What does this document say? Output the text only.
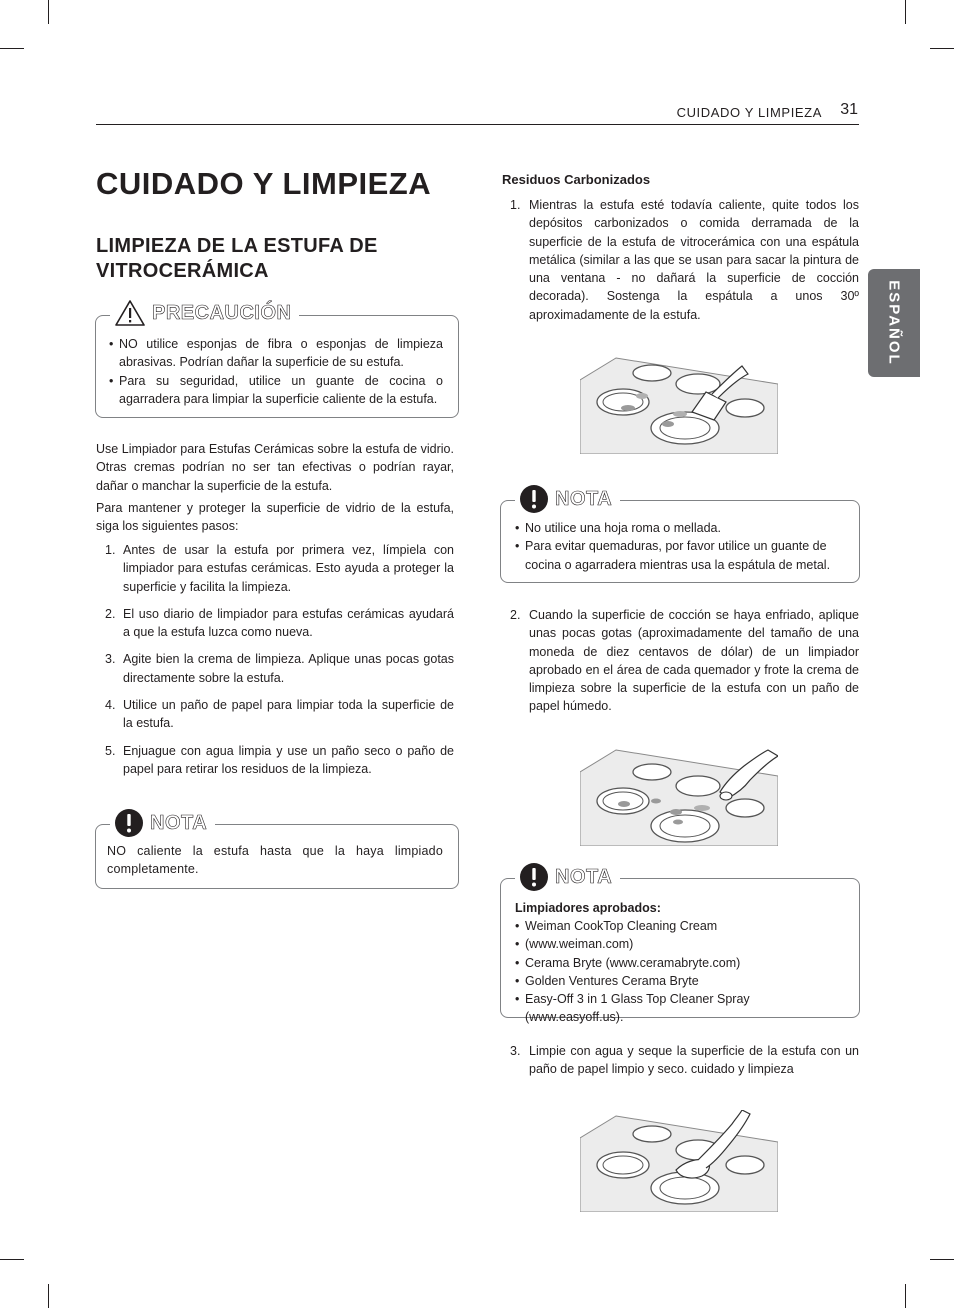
CUIDADO Y LIMPIEZA 31
ESPAÑOL
CUIDADO Y LIMPIEZA
LIMPIEZA DE LA ESTUFA DE VITROCERÁMICA
PRECAUCIÓN
• NO utilice esponjas de fibra o esponjas de limpieza abrasivas. Podrían dañar la superficie de su estufa.
• Para su seguridad, utilice un guante de cocina o agarradera para limpiar la superficie caliente de la estufa.

Use Limpiador para Estufas Cerámicas sobre la estufa de vidrio. Otras cremas podrían no ser tan efectivas o podrían rayar, dañar o manchar la superficie de la estufa.

Para mantener y proteger la superficie de vidrio de la estufa, siga los siguientes pasos:

1. Antes de usar la estufa por primera vez, límpiela con limpiador para estufas cerámicas. Esto ayuda a proteger la superficie y facilita la limpieza.
2. El uso diario de limpiador para estufas cerámicas ayudará a que la estufa luzca como nueva.
3. Agite bien la crema de limpieza. Aplique unas pocas gotas directamente sobre la estufa.
4. Utilice un paño de papel para limpiar toda la superficie de la estufa.
5. Enjuague con agua limpia y use un paño seco o paño de papel para retirar los residuos de la limpieza.
NOTA

NO caliente la estufa hasta que la haya limpiado completamente.

Residuos Carbonizados
1. Mientras la estufa esté todavía caliente, quite todos los depósitos carbonizados o comida derramada de la superficie de la estufa de vitrocerámica con una espátula metálica (similar a las que se usan para sacar la pintura de una ventana - no dañará la superficie de cocción decorada). Sostenga la espátula a unos 30º aproximadamente de la estufa.
NOTA
• No utilice una hoja roma o mellada.
• Para evitar quemaduras, por favor utilice un guante de cocina o agarradera mientras usa la espátula de metal.
2. Cuando la superficie de cocción se haya enfriado, aplique unas pocas gotas (aproximadamente del tamaño de una moneda de diez centavos de dólar) de un limpiador aprobado en el área de cada quemador y frote la crema de limpieza sobre la superficie de la estufa con un paño de papel húmedo.
NOTA
Limpiadores aprobados:
• Weiman CookTop Cleaning Cream
• (www.weiman.com)
• Cerama Bryte (www.ceramabryte.com)
• Golden Ventures Cerama Bryte
• Easy-Off 3 in 1 Glass Top Cleaner Spray (www.easyoff.us).
3. Limpie con agua y seque la superficie de la estufa con un paño de papel limpio y seco. cuidado y limpieza
